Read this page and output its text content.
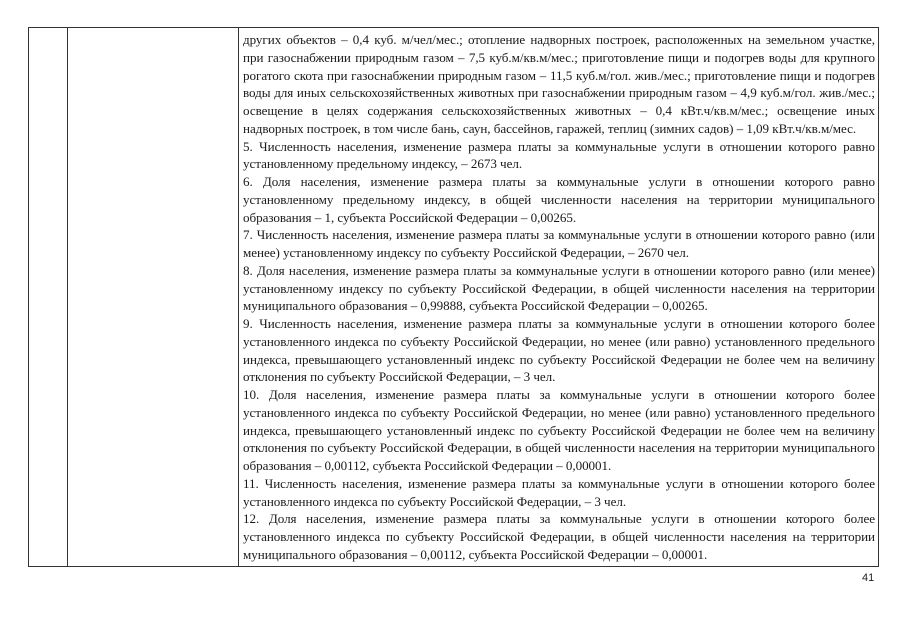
других объектов – 0,4 куб. м/чел/мес.; отопление надворных построек, расположенных на земельном участке, при газоснабжении природным газом – 7,5 куб.м/кв.м/мес.; приготовление пищи и подогрев воды для крупного рогатого скота при газоснабжении природным газом – 11,5 куб.м/гол. жив./мес.; приготовление пищи и подогрев воды для иных сельскохозяйственных животных при газоснабжении природным газом – 4,9 куб.м/гол. жив./мес.; освещение в целях содержания сельскохозяйственных животных – 0,4 кВт.ч/кв.м/мес.; освещение иных надворных построек, в том числе бань, саун, бассейнов, гаражей, теплиц (зимних садов) – 1,09 кВт.ч/кв.м/мес.

5. Численность населения, изменение размера платы за коммунальные услуги в отношении которого равно установленному предельному индексу, – 2673 чел.

6. Доля населения, изменение размера платы за коммунальные услуги в отношении которого равно установленному предельному индексу, в общей численности населения на территории муниципального образования – 1, субъекта Российской Федерации – 0,00265.

7. Численность населения, изменение размера платы за коммунальные услуги в отношении которого равно (или менее) установленному индексу по субъекту Российской Федерации, – 2670 чел.

8. Доля населения, изменение размера платы за коммунальные услуги в отношении которого равно (или менее) установленному индексу по субъекту Российской Федерации, в общей численности населения на территории муниципального образования – 0,99888, субъекта Российской Федерации – 0,00265.

9. Численность населения, изменение размера платы за коммунальные услуги в отношении которого более установленного индекса по субъекту Российской Федерации, но менее (или равно) установленного предельного индекса, превышающего установленный индекс по субъекту Российской Федерации не более чем на величину отклонения по субъекту Российской Федерации, – 3 чел.

10. Доля населения, изменение размера платы за коммунальные услуги в отношении которого более установленного индекса по субъекту Российской Федерации, но менее (или равно) установленного предельного индекса, превышающего установленный индекс по субъекту Российской Федерации не более чем на величину отклонения по субъекту Российской Федерации, в общей численности населения на территории муниципального образования – 0,00112, субъекта Российской Федерации – 0,00001.

11. Численность населения, изменение размера платы за коммунальные услуги в отношении которого более установленного индекса по субъекту Российской Федерации, – 3 чел.

12. Доля населения, изменение размера платы за коммунальные услуги в отношении которого более установленного индекса по субъекту Российской Федерации, в общей численности населения на территории муниципального образования – 0,00112, субъекта Российской Федерации – 0,00001.

41
